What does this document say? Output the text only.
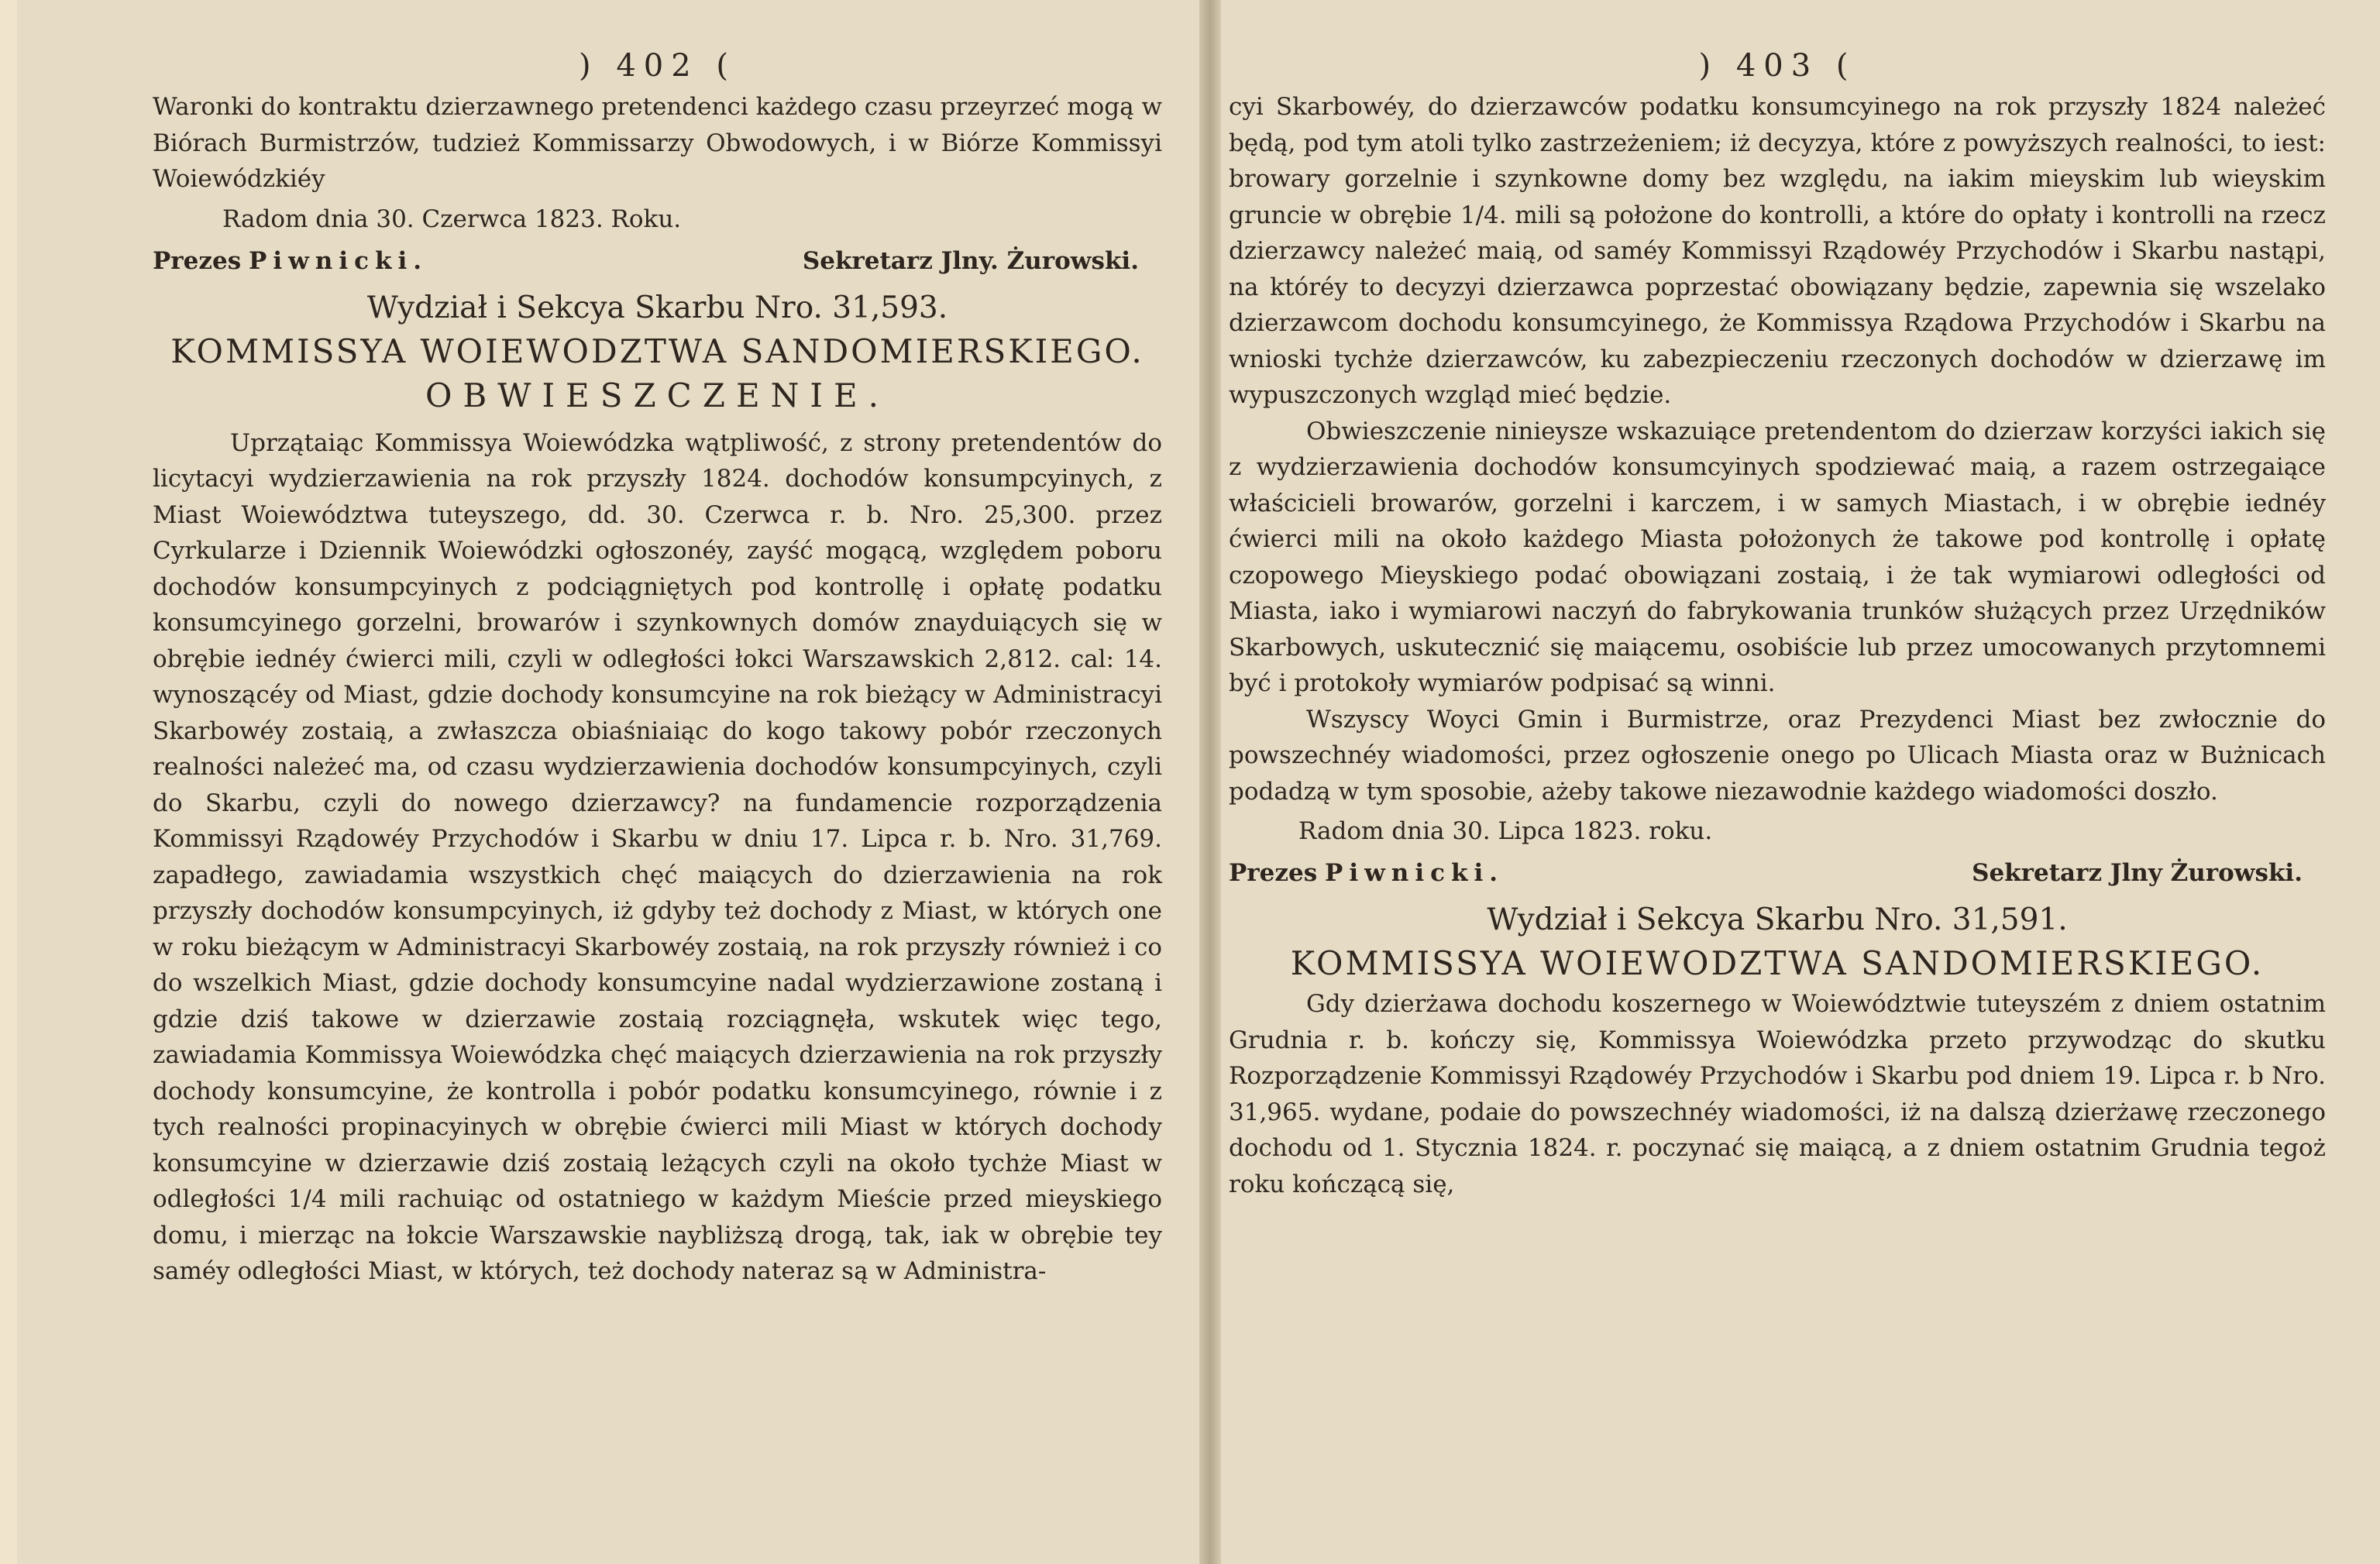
) 402 (

Waronki do kontraktu dzierzawnego pretendenci każdego czasu przeyrzeć mogą w Biórach Burmistrzów, tudzież Kommissarzy Obwodowych, i w Biórze Kommissyi Woiewódzkiéy

Radom dnia 30. Czerwca 1823. Roku.
Prezes Piwnicki.	Sekretarz Jlny. Żurowski.
Wydział i Sekcya Skarbu Nro. 31,593.
KOMMISSYA WOIEWODZTWA SANDOMIERSKIEGO.
OBWIESZCZENIE.

Uprzątaiąc Kommissya Woiewódzka wątpliwość, z strony pretendentów do licytacyi wydzierzawienia na rok przyszły 1824. dochodów konsumpcyinych, z Miast Woiewództwa tuteyszego, dd. 30. Czerwca r. b. Nro. 25,300. przez Cyrkularze i Dziennik Woiewódzki ogłoszonéy, zayść mogącą, względem poboru dochodów konsumpcyinych z podciągniętych pod kontrollę i opłatę podatku konsumcyinego gorzelni, browarów i szynkownych domów znayduiących się w obrębie iednéy ćwierci mili, czyli w odległości łokci Warszawskich 2,812. cal: 14. wynoszącéy od Miast, gdzie dochody konsumcyine na rok bieżący w Administracyi Skarbowéy zostaią, a zwłaszcza obiaśniaiąc do kogo takowy pobór rzeczonych realności należeć ma, od czasu wydzierzawienia dochodów konsumpcyinych, czyli do Skarbu, czyli do nowego dzierzawcy? na fundamencie rozporządzenia Kommissyi Rządowéy Przychodów i Skarbu w dniu 17. Lipca r. b. Nro. 31,769. zapadłego, zawiadamia wszystkich chęć maiących do dzierzawienia na rok przyszły dochodów konsumpcyinych, iż gdyby też dochody z Miast, w których one w roku bieżącym w Administracyi Skarbowéy zostaią, na rok przyszły również i co do wszelkich Miast, gdzie dochody konsumcyine nadal wydzierzawione zostaną i gdzie dziś takowe w dzierzawie zostaią rozciągnęła, wskutek więc tego, zawiadamia Kommissya Woiewódzka chęć maiących dzierzawienia na rok przyszły dochody konsumcyine, że kontrolla i pobór podatku konsumcyinego, równie i z tych realności propinacyinych w obrębie ćwierci mili Miast w których dochody konsumcyine w dzierzawie dziś zostaią leżących czyli na około tychże Miast w odległości 1/4 mili rachuiąc od ostatniego w każdym Mieście przed mieyskiego domu, i mierząc na łokcie Warszawskie naybliższą drogą, tak, iak w obrębie tey saméy odległości Miast, w których, też dochody nateraz są w Administra-

) 403 (

cyi Skarbowéy, do dzierzawców podatku konsumcyinego na rok przyszły 1824 należeć będą, pod tym atoli tylko zastrzeżeniem; iż decyzya, które z powyższych realności, to iest: browary gorzelnie i szynkowne domy bez względu, na iakim mieyskim lub wieyskim gruncie w obrębie 1/4. mili są położone do kontrolli, a które do opłaty i kontrolli na rzecz dzierzawcy należeć maią, od saméy Kommissyi Rządowéy Przychodów i Skarbu nastąpi, na któréy to decyzyi dzierzawca poprzestać obowiązany będzie, zapewnia się wszelako dzierzawcom dochodu konsumcyinego, że Kommissya Rządowa Przychodów i Skarbu na wnioski tychże dzierzawców, ku zabezpieczeniu rzeczonych dochodów w dzierzawę im wypuszczonych wzgląd mieć będzie.

Obwieszczenie ninieysze wskazuiące pretendentom do dzierzaw korzyści iakich się z wydzierzawienia dochodów konsumcyinych spodziewać maią, a razem ostrzegaiące właścicieli browarów, gorzelni i karczem, i w samych Miastach, i w obrębie iednéy ćwierci mili na około każdego Miasta położonych że takowe pod kontrollę i opłatę czopowego Mieyskiego podać obowiązani zostaią, i że tak wymiarowi odległości od Miasta, iako i wymiarowi naczyń do fabrykowania trunków służących przez Urzędników Skarbowych, uskutecznić się maiącemu, osobiście lub przez umocowanych przytomnemi być i protokoły wymiarów podpisać są winni.

Wszyscy Woyci Gmin i Burmistrze, oraz Prezydenci Miast bez zwłocznie do powszechnéy wiadomości, przez ogłoszenie onego po Ulicach Miasta oraz w Bużnicach podadzą w tym sposobie, ażeby takowe niezawodnie każdego wiadomości doszło.

Radom dnia 30. Lipca 1823. roku.
Prezes Piwnicki.	Sekretarz Jlny Żurowski.
Wydział i Sekcya Skarbu Nro. 31,591.
KOMMISSYA WOIEWODZTWA SANDOMIERSKIEGO.

Gdy dzierżawa dochodu koszernego w Woiewództwie tuteyszém z dniem ostatnim Grudnia r. b. kończy się, Kommissya Woiewódzka przeto przywodząc do skutku Rozporządzenie Kommissyi Rządowéy Przychodów i Skarbu pod dniem 19. Lipca r. b Nro. 31,965. wydane, podaie do powszechnéy wiadomości, iż na dalszą dzierżawę rzeczonego dochodu od 1. Stycznia 1824. r. poczynać się maiącą, a z dniem ostatnim Grudnia tegoż roku kończącą się,
